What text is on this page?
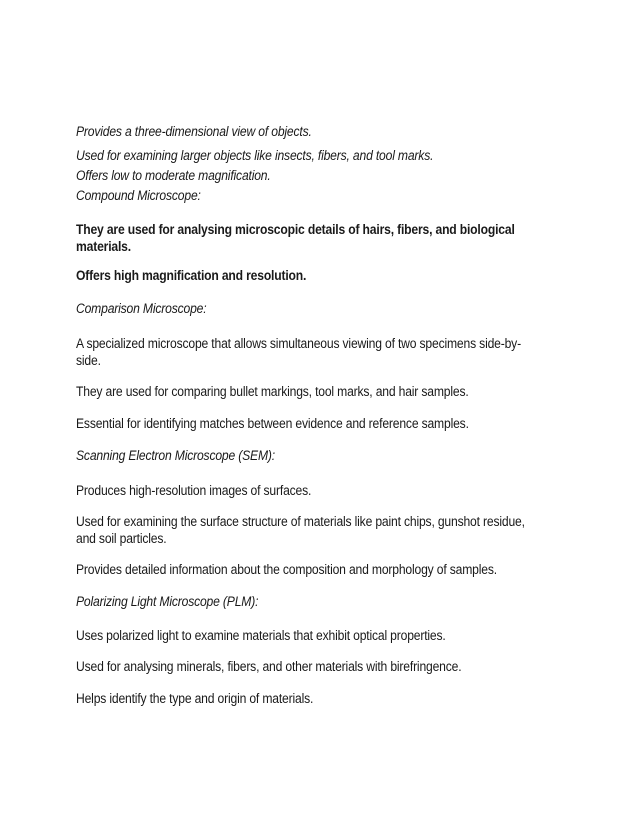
Provides a three-dimensional view of objects.

Used for examining larger objects like insects, fibers, and tool marks.

Offers low to moderate magnification.

Compound Microscope:

They are used for analysing microscopic details of hairs, fibers, and biological

materials.

Offers high magnification and resolution.

Comparison Microscope:

A specialized microscope that allows simultaneous viewing of two specimens side-by-

side.

They are used for comparing bullet markings, tool marks, and hair samples.

Essential for identifying matches between evidence and reference samples.

Scanning Electron Microscope (SEM):

Produces high-resolution images of surfaces.

Used for examining the surface structure of materials like paint chips, gunshot residue,

and soil particles.

Provides detailed information about the composition and morphology of samples.

Polarizing Light Microscope (PLM):

Uses polarized light to examine materials that exhibit optical properties.

Used for analysing minerals, fibers, and other materials with birefringence.

Helps identify the type and origin of materials.
